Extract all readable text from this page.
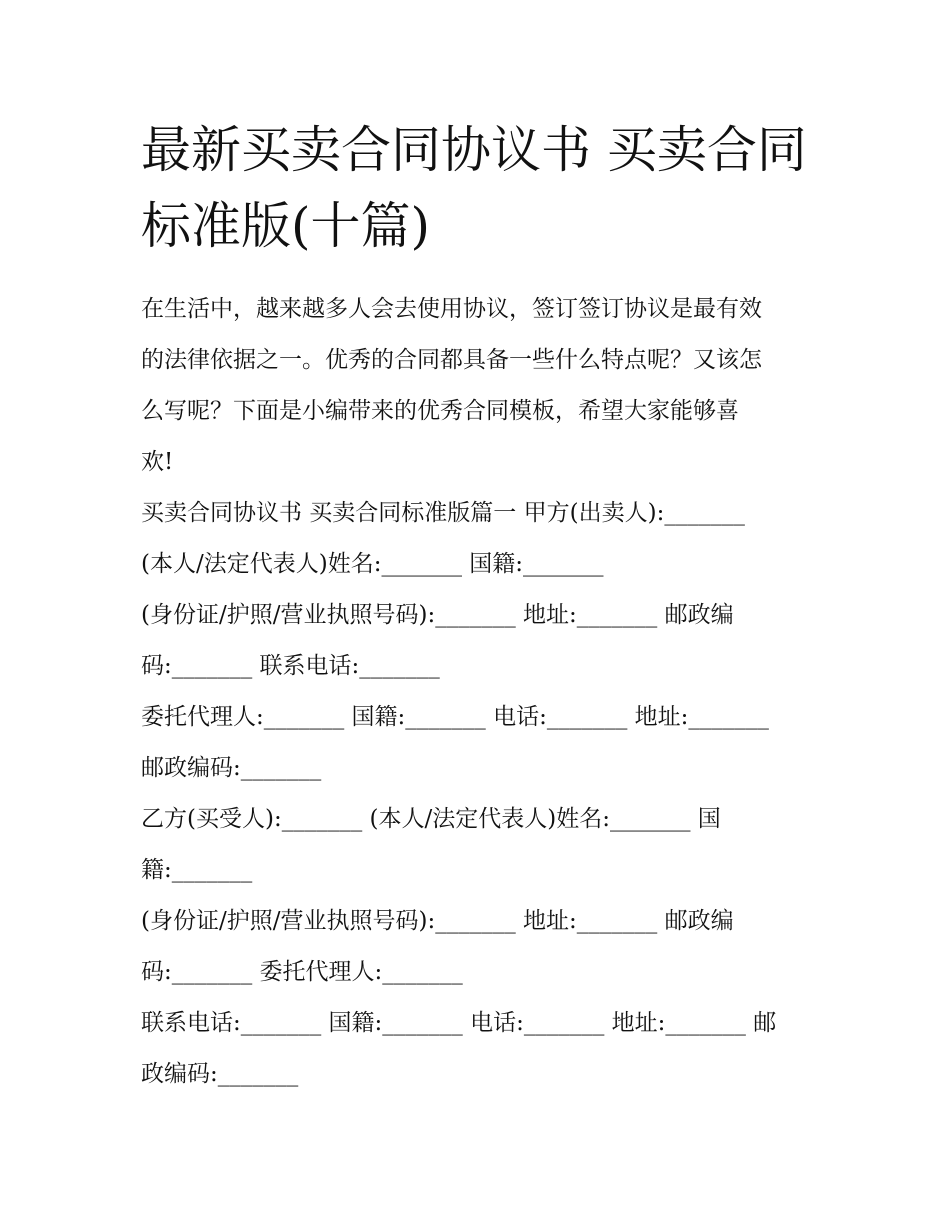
最新买卖合同协议书 买卖合同
标准版(十篇)

在生活中，越来越多人会去使用协议，签订签订协议是最有效

的法律依据之一。优秀的合同都具备一些什么特点呢？又该怎

么写呢？下面是小编带来的优秀合同模板，希望大家能够喜

欢!

买卖合同协议书 买卖合同标准版篇一 甲方(出卖人):_______

(本人/法定代表人)姓名:_______ 国籍:_______

(身份证/护照/营业执照号码):_______ 地址:_______ 邮政编

码:_______ 联系电话:_______

委托代理人:_______ 国籍:_______ 电话:_______ 地址:_______

邮政编码:_______

乙方(买受人):_______ (本人/法定代表人)姓名:_______ 国

籍:_______

(身份证/护照/营业执照号码):_______ 地址:_______ 邮政编

码:_______ 委托代理人:_______

联系电话:_______ 国籍:_______ 电话:_______ 地址:_______ 邮

政编码:_______
